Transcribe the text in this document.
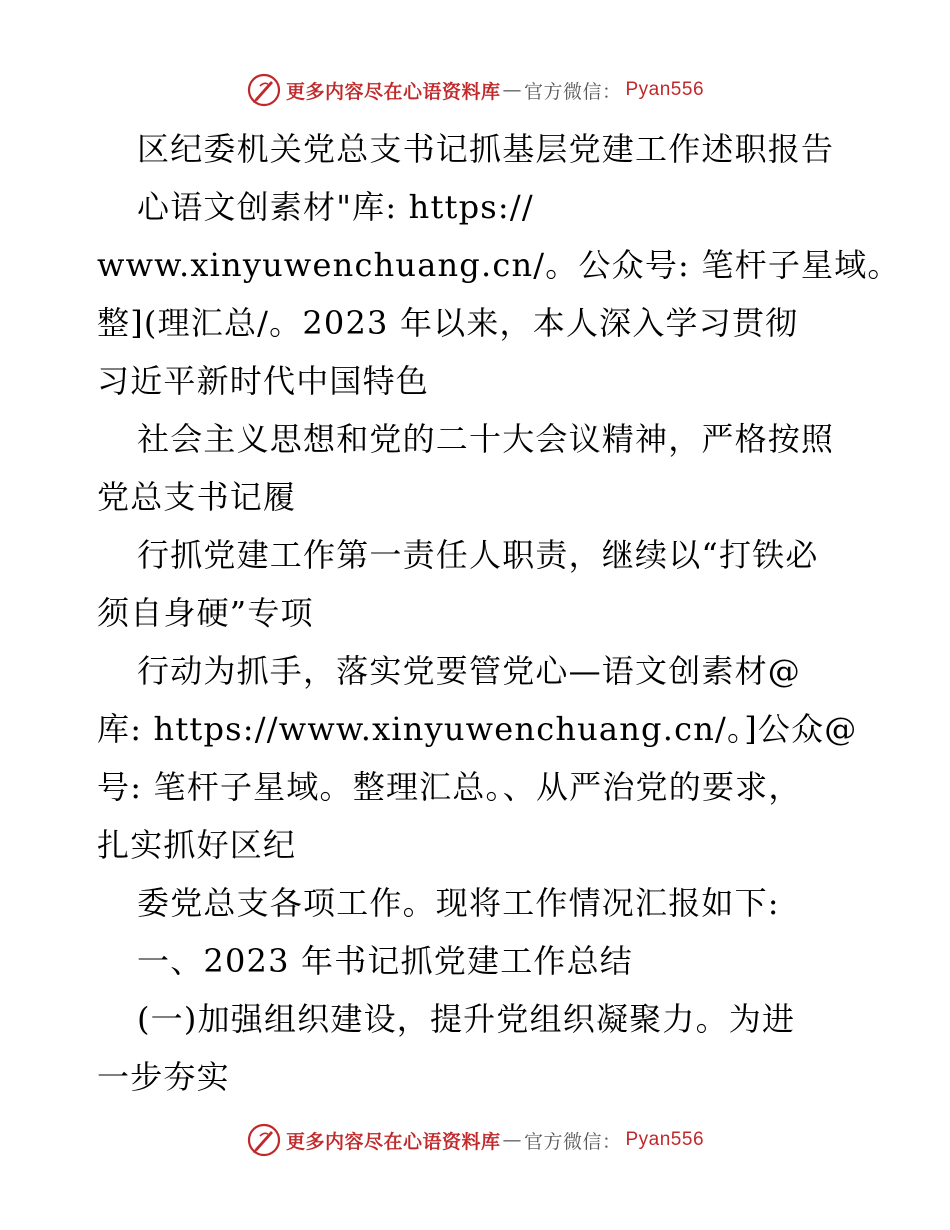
更多内容尽在心语资料库 — 官方微信： Pyan556
区纪委机关党总支书记抓基层党建工作述职报告
心语文创素材"库: https://
www.xinyuwenchuang.cn/。公众号: 笔杆子星域。
整](理汇总/。2023 年以来，本人深入学习贯彻
习近平新时代中国特色
社会主义思想和党的二十大会议精神，严格按照
党总支书记履
行抓党建工作第一责任人职责，继续以“打铁必
须自身硬”专项
行动为抓手，落实党要管党心—语文创素材@
库: https://www.xinyuwenchuang.cn/。]公众@
号: 笔杆子星域。整理汇总。、从严治党的要求，
扎实抓好区纪
委党总支各项工作。现将工作情况汇报如下:
一、2023 年书记抓党建工作总结
(一)加强组织建设，提升党组织凝聚力。为进
一步夯实
更多内容尽在心语资料库 — 官方微信： Pyan556
